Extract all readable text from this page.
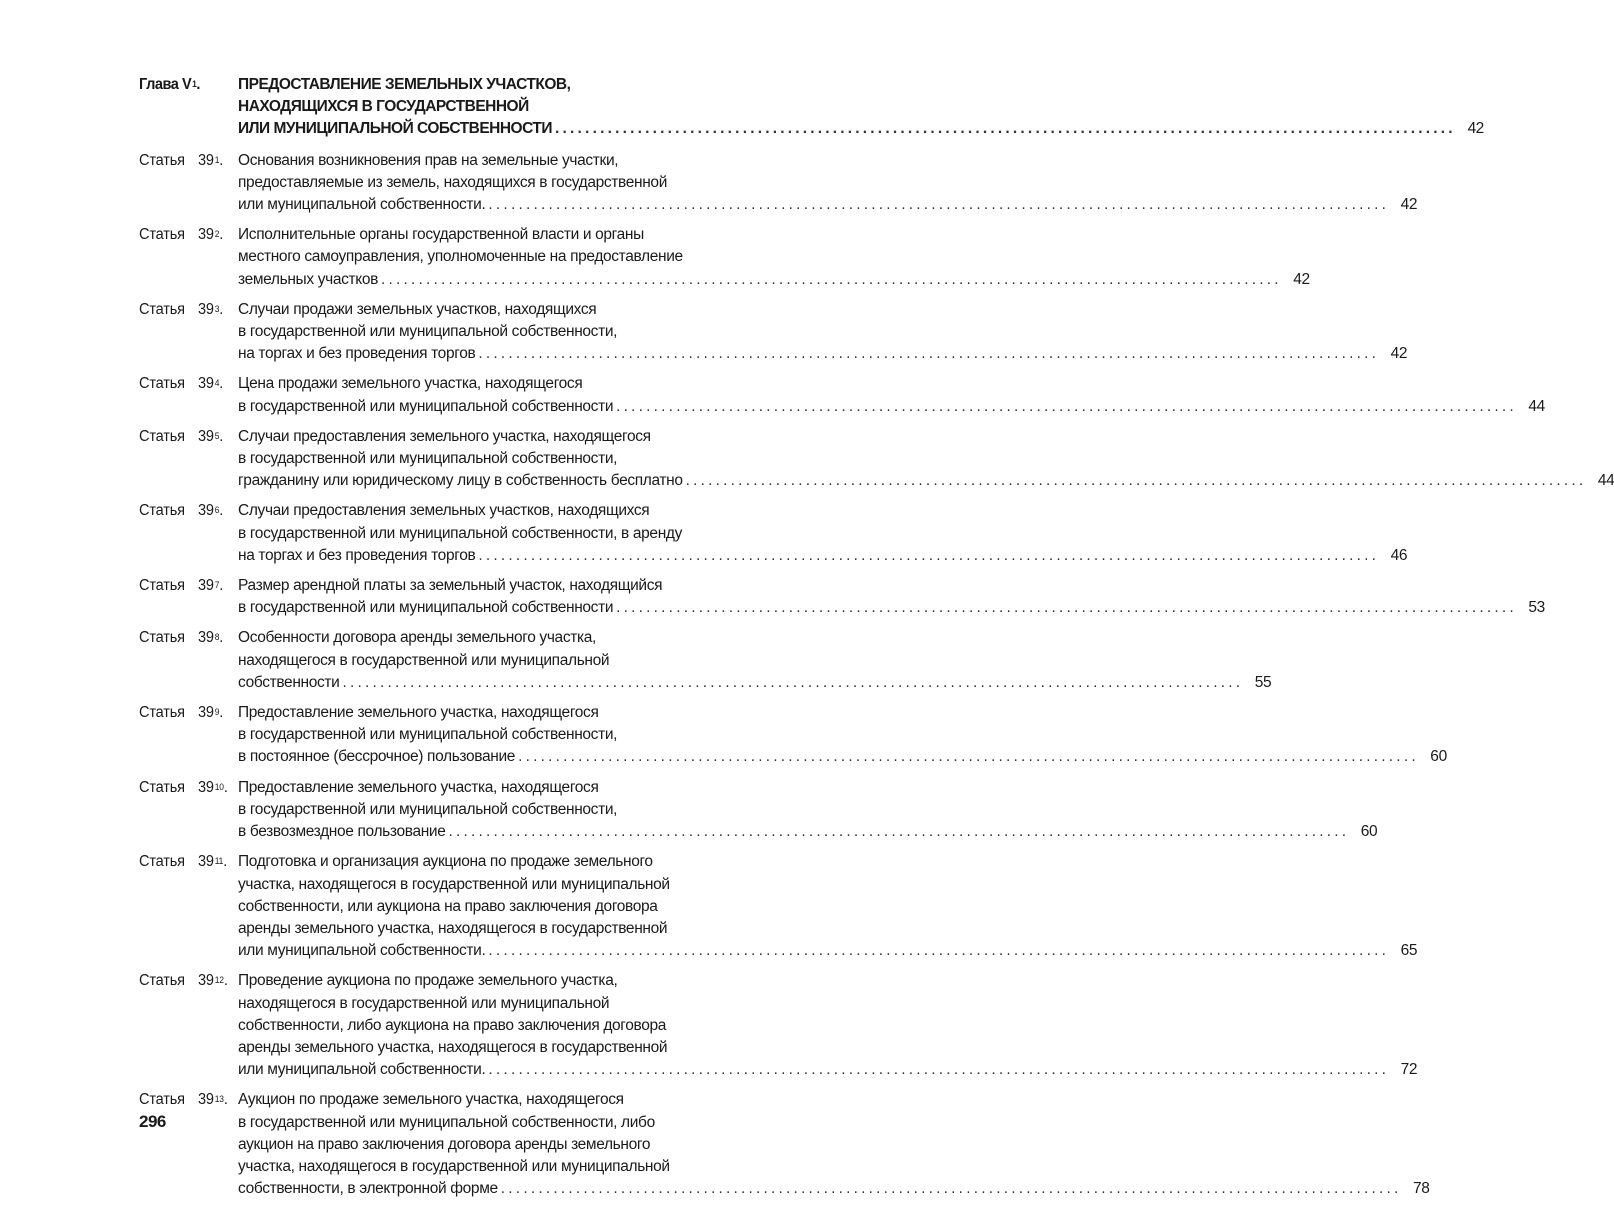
Глава $V^1$.	ПРЕДОСТАВЛЕНИЕ ЗЕМЕЛЬНЫХ УЧАСТКОВ,
НАХОДЯЩИХСЯ В ГОСУДАРСТВЕННОЙ
ИЛИ МУНИЦИПАЛЬНОЙ СОБСТВЕННОСТИ ........................................................................................................................ 42
Статья $39^1$. Основания возникновения прав на земельные участки,
предоставляемые из земель, находящихся в государственной
или муниципальной собственности. ........................................................................................................................ 42
Статья $39^2$. Исполнительные органы государственной власти и органы
местного самоуправления, уполномоченные на предоставление
земельных участков ........................................................................................................................ 42
Статья $39^3$. Случаи продажи земельных участков, находящихся
в государственной или муниципальной собственности,
на торгах и без проведения торгов ........................................................................................................................ 42
Статья $39^4$. Цена продажи земельного участка, находящегося
в государственной или муниципальной собственности ........................................................................................................................ 44
Статья $39^5$. Случаи предоставления земельного участка, находящегося
в государственной или муниципальной собственности,
гражданину или юридическому лицу в собственность бесплатно ........................................................................................................................ 44
Статья $39^6$. Случаи предоставления земельных участков, находящихся
в государственной или муниципальной собственности, в аренду
на торгах и без проведения торгов ........................................................................................................................ 46
Статья $39^7$. Размер арендной платы за земельный участок, находящийся
в государственной или муниципальной собственности ........................................................................................................................ 53
Статья $39^8$. Особенности договора аренды земельного участка,
находящегося в государственной или муниципальной
собственности ........................................................................................................................ 55
Статья $39^9$. Предоставление земельного участка, находящегося
в государственной или муниципальной собственности,
в постоянное (бессрочное) пользование ........................................................................................................................ 60
Статья $39^{10}$. Предоставление земельного участка, находящегося
в государственной или муниципальной собственности,
в безвозмездное пользование ........................................................................................................................ 60
Статья $39^{11}$. Подготовка и организация аукциона по продаже земельного
участка, находящегося в государственной или муниципальной
собственности, или аукциона на право заключения договора
аренды земельного участка, находящегося в государственной
или муниципальной собственности. ........................................................................................................................ 65
Статья $39^{12}$. Проведение аукциона по продаже земельного участка,
находящегося в государственной или муниципальной
собственности, либо аукциона на право заключения договора
аренды земельного участка, находящегося в государственной
или муниципальной собственности. ........................................................................................................................ 72
Статья $39^{13}$. Аукцион по продаже земельного участка, находящегося
в государственной или муниципальной собственности, либо
аукцион на право заключения договора аренды земельного
участка, находящегося в государственной или муниципальной
собственности, в электронной форме ........................................................................................................................ 78
296
